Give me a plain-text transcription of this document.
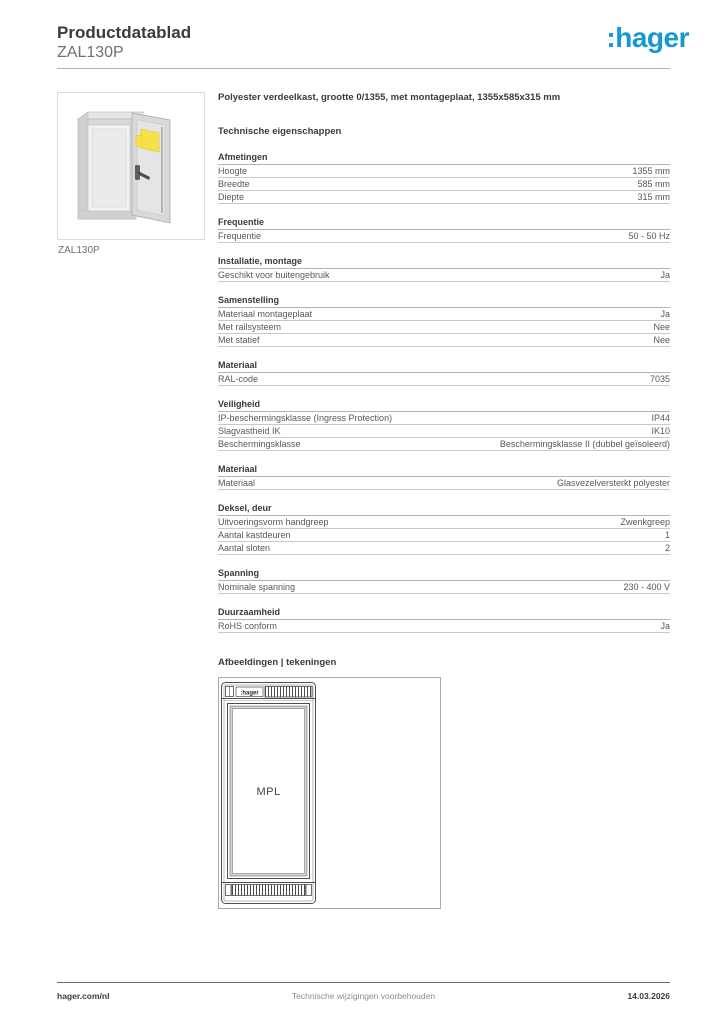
Productdatablad
ZAL130P	:hager
ZAL130P
Polyester verdeelkast, grootte 0/1355, met montageplaat, 1355x585x315 mm
Technische eigenschappen
Afmetingen
Hoogte	1355 mm
Breedte	585 mm
Diepte	315 mm
Frequentie
Frequentie	50 - 50 Hz
Installatie, montage
Geschikt voor buitengebruik	Ja
Samenstelling
Materiaal montageplaat	Ja
Met railsysteem	Nee
Met statief	Nee
Materiaal
RAL-code	7035
Veiligheid
IP-beschermingsklasse (Ingress Protection)	IP44
Slagvastheid IK	IK10
Beschermingsklasse	Beschermingsklasse II (dubbel geïsoleerd)
Materiaal
Materiaal	Glasvezelversterkt polyester
Deksel, deur
Uitvoeringsvorm handgreep	Zwenkgreep
Aantal kastdeuren	1
Aantal sloten	2
Spanning
Nominale spanning	230 - 400 V
Duurzaamheid
RoHS conform	Ja
Afbeeldingen | tekeningen
:hager
MPL
hager.com/nl	Technische wijzigingen voorbehouden	14.03.2026
